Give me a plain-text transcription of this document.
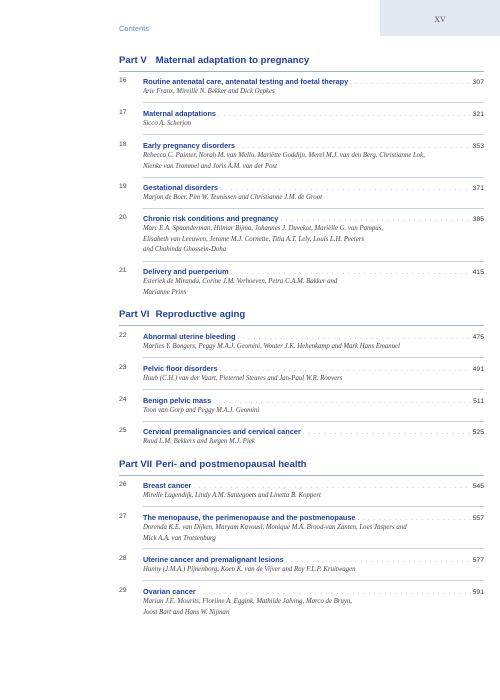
Contents
XV
Part V Maternal adaptation to pregnancy
16 Routine antenatal care, antenatal testing and foetal therapy . . .	307
Arie Franx, Mireille N. Bekker and Dick Oepkes
17 Maternal adaptations . . .	321
Sicco A. Scherjon
18 Early pregnancy disorders . . .	353
Rebecca C. Painter, Norah M. van Mello, Mariëtte Goddijn, Merel M.J. van den Berg, Christianne Lok,
Nienke van Trommel and Joris A.M. van der Post
19 Gestational disorders . . .	371
Marjon de Boer, Pim W. Teunissen and Christianne J.M. de Groot
20 Chronic risk conditions and pregnancy . . .	385
Marc E.A. Spaanderman, Hilmar Bijma, Johannes J. Duvekot, Mariëlle G. van Pampus,
Elisabeth van Leeuwen, Jerome M.J. Cornette, Titia A.T. Lely, Louis L.H. Peeters
and Chahinda Ghossein-Doha
21 Delivery and puerperium . . .	415
Esteriek de Miranda, Corine J.M. Verhoeven, Petra C.A.M. Bakker and
Marianne Prins
Part VI Reproductive aging
22 Abnormal uterine bleeding . . .	475
Marlies Y. Bongers, Peggy M.A.J. Geomini, Wouter J.K. Hehenkamp and Mark Hans Emanuel
23 Pelvic floor disorders . . .	491
Huub (C.H.) van der Vaart, Pieternel Steures and Jan-Paul W.R. Roovers
24 Benign pelvic mass . . .	511
Toon van Gorp and Peggy M.A.J. Geomini
25 Cervical premalignancies and cervical cancer . . .	525
Ruud L.M. Bekkers and Jurgen M.J. Piek
Part VII Peri- and postmenopausal health
26 Breast cancer . . .	545
Mirelle Lagendijk, Lindy A.M. Santegoets and Linetta B. Koppert
27 The menopause, the perimenopause and the postmenopause . . .	557
Dorenda K.E. van Dijken, Maryam Kavousi, Monique M.A. Brood-van Zanten, Loes Jaspers and
Mick A.A. van Trotsenburg
28 Uterine cancer and premalignant lesions . . .	577
Hanny (J.M.A.) Pijnenborg, Koen K. van de Vijver and Roy F.L.P. Kruitwagen
29 Ovarian cancer . . .	591
Marian J.E. Mourits, Floriine A. Eggink, Mathilde Jalving, Marco de Bruyn,
Joost Bart and Hans W. Nijman
